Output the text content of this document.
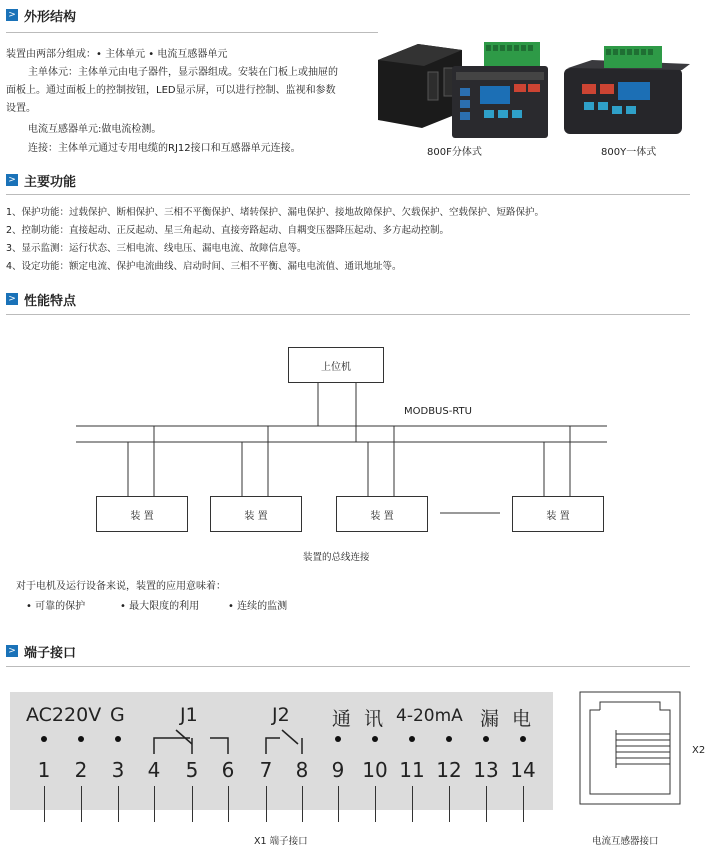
> 外形结构
装置由两部分组成：• 主体单元 • 电流互感器单元
主单体元：主体单元由电子器件，显示器组成。安装在门板上或抽屉的
面板上。通过面板上的控制按钮，LED显示屏，可以进行控制、监视和参数
设置。
电流互感器单元:做电流检测。
连接：主体单元通过专用电缆的RJ12接口和互感器单元连接。	800F分体式	800Y一体式
> 主要功能
1、保护功能：过载保护、断相保护、三相不平衡保护、堵转保护、漏电保护、接地故障保护、欠载保护、空载保护、短路保护。
2、控制功能：直接起动、正反起动、星三角起动、直接旁路起动、自耦变压器降压起动、多方起动控制。
3、显示监测：运行状态、三相电流、线电压、漏电电流、故障信息等。
4、设定功能：额定电流、保护电流曲线、启动时间、三相不平衡、漏电电流值、通讯地址等。
> 性能特点
上位机
MODBUS-RTU
装 置	装 置	装 置	装 置
装置的总线连接
对于电机及运行设备来说，装置的应用意味着：
• 可靠的保护	• 最大限度的利用	• 连续的监测
> 端子接口
AC220V G	J1	J2 通 讯 4-20mA 漏 电
1	2	3	4	5	6	7	8	9 10 11 12 13 14
X1 端子接口
X2
电流互感器接口
